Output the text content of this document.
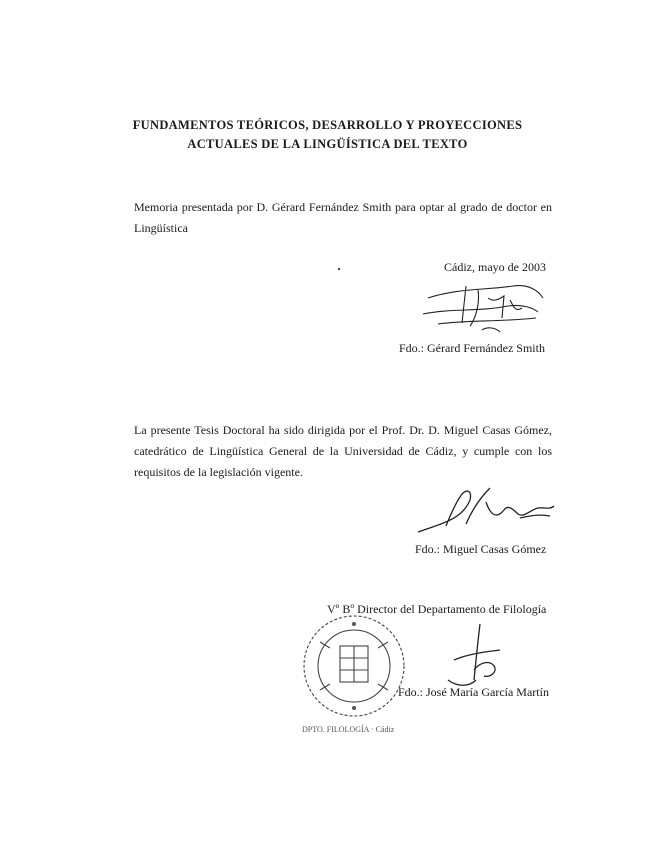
FUNDAMENTOS TEÓRICOS, DESARROLLO Y PROYECCIONES
ACTUALES DE LA LINGÜÍSTICA DEL TEXTO
Memoria presentada por D. Gérard Fernández Smith para optar al grado de doctor en Lingüística
Cádiz, mayo de 2003
Fdo.: Gérard Fernández Smith
La presente Tesis Doctoral ha sido dirigida por el Prof. Dr. D. Miguel Casas Gómez, catedrático de Lingüística General de la Universidad de Cádiz, y cumple con los requisitos de la legislación vigente.
Fdo.: Miguel Casas Gómez
Vº Bº Director del Departamento de Filología
Fdo.: José María García Martín
DPTO. FILOLOGÍA · Cádiz
